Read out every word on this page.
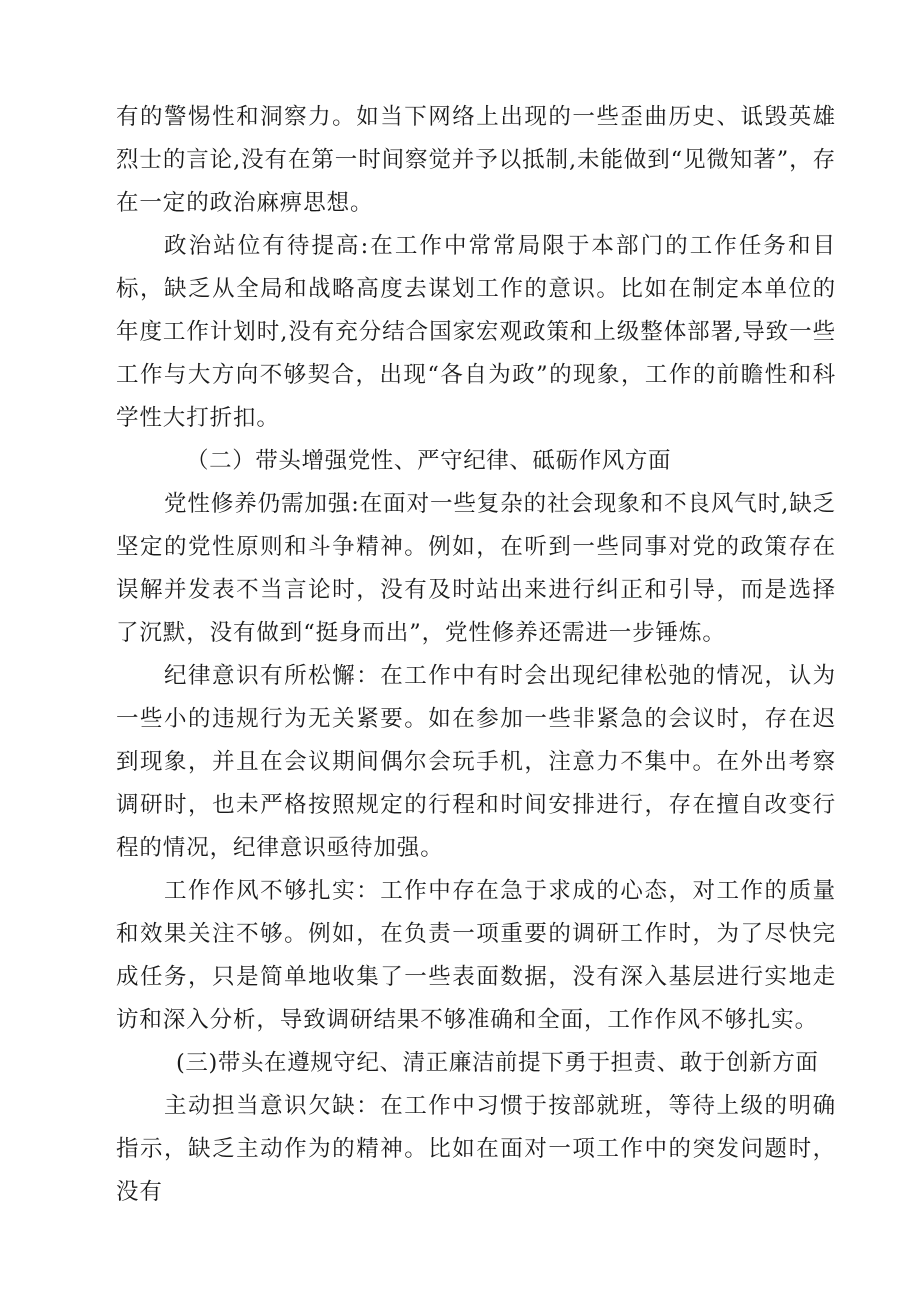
有的警惕性和洞察力。如当下网络上出现的一些歪曲历史、诋毁英雄烈士的言论,没有在第一时间察觉并予以抵制,未能做到“见微知著”，存在一定的政治麻痹思想。

政治站位有待提高:在工作中常常局限于本部门的工作任务和目标，缺乏从全局和战略高度去谋划工作的意识。比如在制定本单位的年度工作计划时,没有充分结合国家宏观政策和上级整体部署,导致一些工作与大方向不够契合，出现“各自为政”的现象，工作的前瞻性和科学性大打折扣。

（二）带头增强党性、严守纪律、砥砺作风方面

党性修养仍需加强:在面对一些复杂的社会现象和不良风气时,缺乏坚定的党性原则和斗争精神。例如，在听到一些同事对党的政策存在误解并发表不当言论时，没有及时站出来进行纠正和引导，而是选择了沉默，没有做到“挺身而出”，党性修养还需进一步锤炼。

纪律意识有所松懈：在工作中有时会出现纪律松弛的情况，认为一些小的违规行为无关紧要。如在参加一些非紧急的会议时，存在迟到现象，并且在会议期间偶尔会玩手机，注意力不集中。在外出考察调研时，也未严格按照规定的行程和时间安排进行，存在擅自改变行程的情况，纪律意识亟待加强。

工作作风不够扎实：工作中存在急于求成的心态，对工作的质量和效果关注不够。例如，在负责一项重要的调研工作时，为了尽快完成任务，只是简单地收集了一些表面数据，没有深入基层进行实地走访和深入分析，导致调研结果不够准确和全面，工作作风不够扎实。

(三)带头在遵规守纪、清正廉洁前提下勇于担责、敢于创新方面

主动担当意识欠缺：在工作中习惯于按部就班，等待上级的明确指示，缺乏主动作为的精神。比如在面对一项工作中的突发问题时，没有
